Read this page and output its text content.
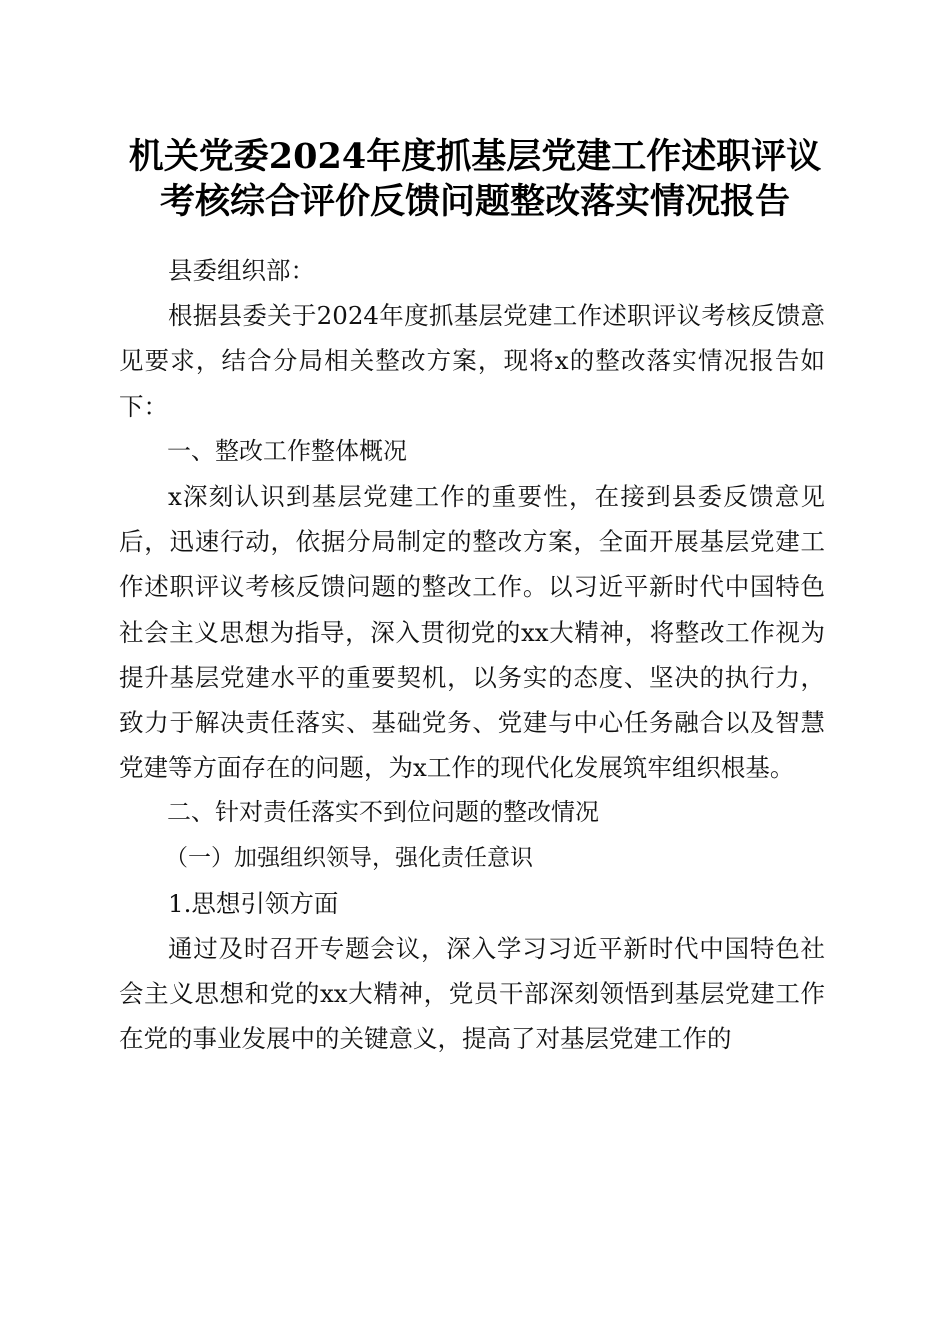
机关党委2024年度抓基层党建工作述职评议
考核综合评价反馈问题整改落实情况报告

县委组织部：

根据县委关于2024年度抓基层党建工作述职评议考核反馈意见要求，结合分局相关整改方案，现将x的整改落实情况报告如下：

一、整改工作整体概况

x深刻认识到基层党建工作的重要性，在接到县委反馈意见后，迅速行动，依据分局制定的整改方案，全面开展基层党建工作述职评议考核反馈问题的整改工作。以习近平新时代中国特色社会主义思想为指导，深入贯彻党的xx大精神，将整改工作视为提升基层党建水平的重要契机，以务实的态度、坚决的执行力，致力于解决责任落实、基础党务、党建与中心任务融合以及智慧党建等方面存在的问题，为x工作的现代化发展筑牢组织根基。

二、针对责任落实不到位问题的整改情况

（一）加强组织领导，强化责任意识

1.思想引领方面

通过及时召开专题会议，深入学习习近平新时代中国特色社会主义思想和党的xx大精神，党员干部深刻领悟到基层党建工作在党的事业发展中的关键意义，提高了对基层党建工作的
